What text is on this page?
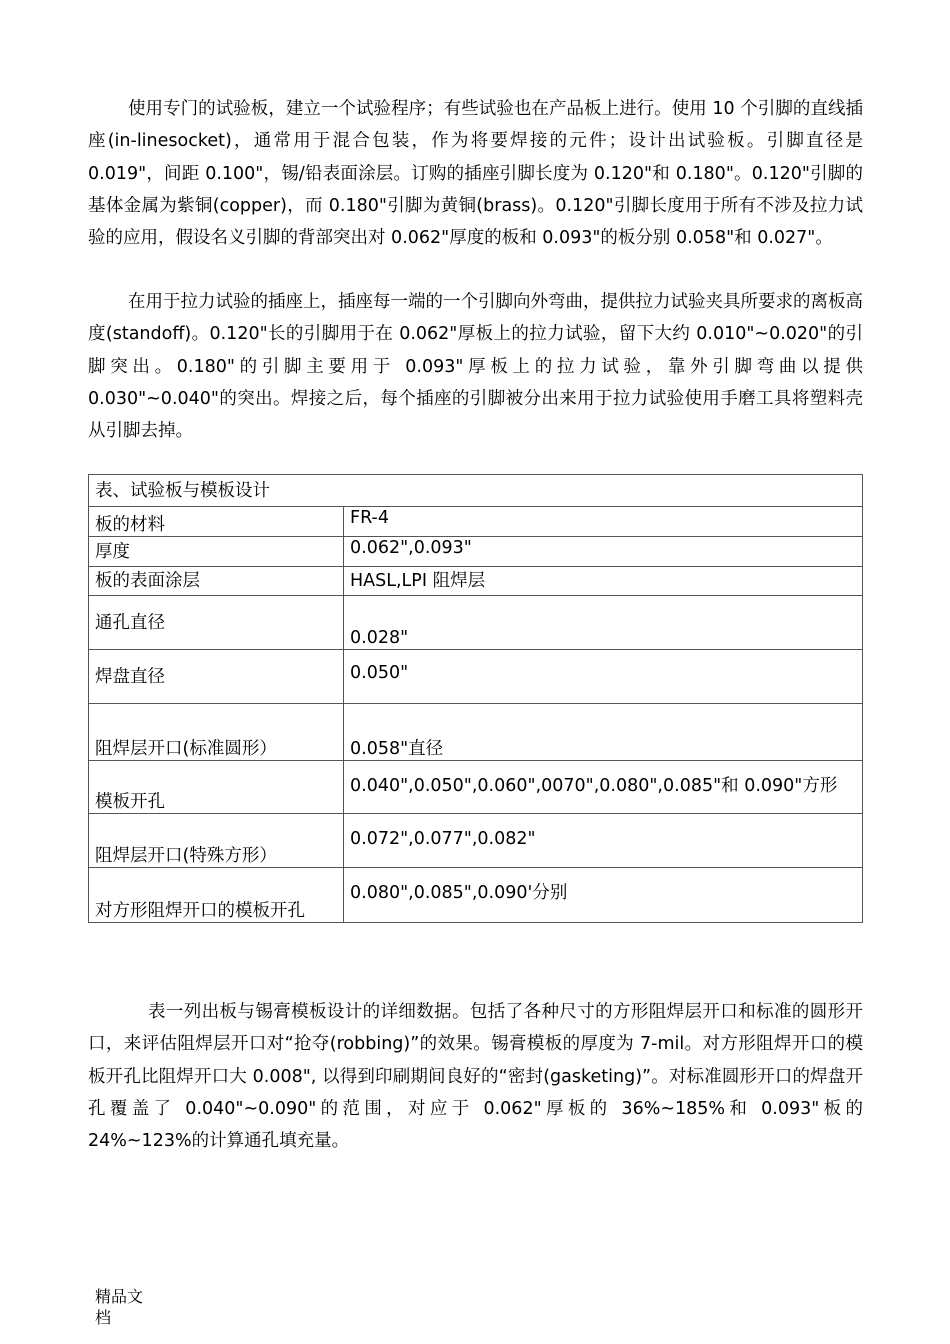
使用专门的试验板，建立一个试验程序；有些试验也在产品板上进行。使用 10 个引脚的直线插座(in-linesocket)，通常用于混合包装，作为将要焊接的元件；设计出试验板。引脚直径是 0.019"，间距 0.100"，锡/铅表面涂层。订购的插座引脚长度为 0.120"和 0.180"。0.120"引脚的基体金属为紫铜(copper)，而 0.180"引脚为黄铜(brass)。0.120"引脚长度用于所有不涉及拉力试验的应用，假设名义引脚的背部突出对 0.062"厚度的板和 0.093"的板分别 0.058"和 0.027"。

在用于拉力试验的插座上，插座每一端的一个引脚向外弯曲，提供拉力试验夹具所要求的离板高度(standoff)。0.120"长的引脚用于在 0.062"厚板上的拉力试验，留下大约 0.010"~0.020"的引脚突出。0.180"的引脚主要用于 0.093"厚板上的拉力试验，靠外引脚弯曲以提供 0.030"~0.040"的突出。焊接之后，每个插座的引脚被分出来用于拉力试验使用手磨工具将塑料壳从引脚去掉。

表、试验板与模板设计	
板的材料	FR-4
厚度	0.062",0.093"
板的表面涂层	HASL,LPI 阻焊层
通孔直径	0.028"
焊盘直径	0.050"
阻焊层开口(标准圆形）	0.058"直径
模板开孔	0.040",0.050",0.060",0070",0.080",0.085"和 0.090"方形
阻焊层开口(特殊方形）	0.072",0.077",0.082"
对方形阻焊开口的模板开孔	0.080",0.085",0.090'分别

表一列出板与锡膏模板设计的详细数据。包括了各种尺寸的方形阻焊层开口和标准的圆形开口，来评估阻焊层开口对“抢夺(robbing)”的效果。锡膏模板的厚度为 7-mil。对方形阻焊开口的模板开孔比阻焊开口大 0.008", 以得到印刷期间良好的“密封(gasketing)”。对标准圆形开口的焊盘开孔覆盖了 0.040"~0.090"的范围，对应于 0.062"厚板的 36%~185%和 0.093"板的 24%~123%的计算通孔填充量。

精品文档
